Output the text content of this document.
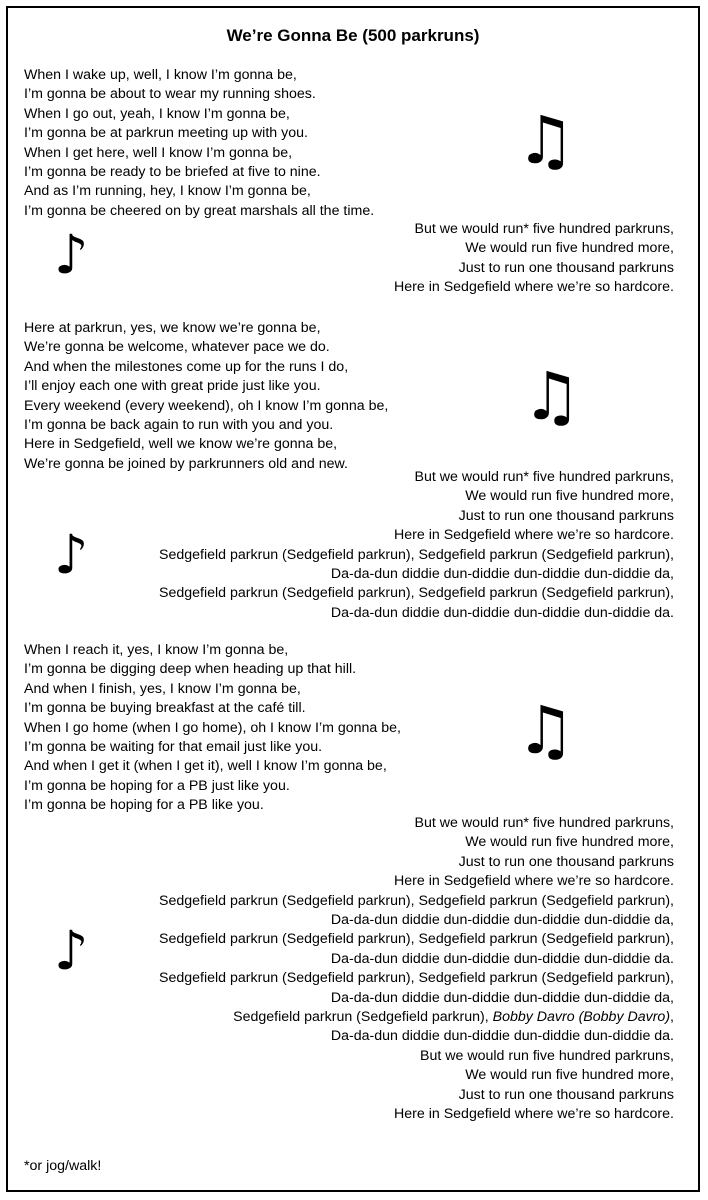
We’re Gonna Be (500 parkruns)
When I wake up, well, I know I’m gonna be,
I’m gonna be about to wear my running shoes.
When I go out, yeah, I know I’m gonna be,
I’m gonna be at parkrun meeting up with you.
When I get here, well I know I’m gonna be,
I’m gonna be ready to be briefed at five to nine.
And as I’m running, hey, I know I’m gonna be,
I’m gonna be cheered on by great marshals all the time.
♫
But we would run* five hundred parkruns,
We would run five hundred more,
Just to run one thousand parkruns
Here in Sedgefield where we’re so hardcore.
♪
Here at parkrun, yes, we know we’re gonna be,
We’re gonna be welcome, whatever pace we do.
And when the milestones come up for the runs I do,
I’ll enjoy each one with great pride just like you.
Every weekend (every weekend), oh I know I’m gonna be,
I’m gonna be back again to run with you and you.
Here in Sedgefield, well we know we’re gonna be,
We’re gonna be joined by parkrunners old and new.
♫
But we would run* five hundred parkruns,
We would run five hundred more,
Just to run one thousand parkruns
Here in Sedgefield where we’re so hardcore.
Sedgefield parkrun (Sedgefield parkrun), Sedgefield parkrun (Sedgefield parkrun),
Da-da-dun diddie dun-diddie dun-diddie dun-diddie da,
Sedgefield parkrun (Sedgefield parkrun), Sedgefield parkrun (Sedgefield parkrun),
Da-da-dun diddie dun-diddie dun-diddie dun-diddie da.
♪
When I reach it, yes, I know I’m gonna be,
I’m gonna be digging deep when heading up that hill.
And when I finish, yes, I know I’m gonna be,
I’m gonna be buying breakfast at the café till.
When I go home (when I go home), oh I know I’m gonna be,
I’m gonna be waiting for that email just like you.
And when I get it (when I get it), well I know I’m gonna be,
I’m gonna be hoping for a PB just like you.
I’m gonna be hoping for a PB like you.
♫
But we would run* five hundred parkruns,
We would run five hundred more,
Just to run one thousand parkruns
Here in Sedgefield where we’re so hardcore.
Sedgefield parkrun (Sedgefield parkrun), Sedgefield parkrun (Sedgefield parkrun),
Da-da-dun diddie dun-diddie dun-diddie dun-diddie da,
Sedgefield parkrun (Sedgefield parkrun), Sedgefield parkrun (Sedgefield parkrun),
Da-da-dun diddie dun-diddie dun-diddie dun-diddie da.
Sedgefield parkrun (Sedgefield parkrun), Sedgefield parkrun (Sedgefield parkrun),
Da-da-dun diddie dun-diddie dun-diddie dun-diddie da,
Sedgefield parkrun (Sedgefield parkrun), Bobby Davro (Bobby Davro),
Da-da-dun diddie dun-diddie dun-diddie dun-diddie da.
But we would run five hundred parkruns,
We would run five hundred more,
Just to run one thousand parkruns
Here in Sedgefield where we’re so hardcore.
♪
*or jog/walk!
